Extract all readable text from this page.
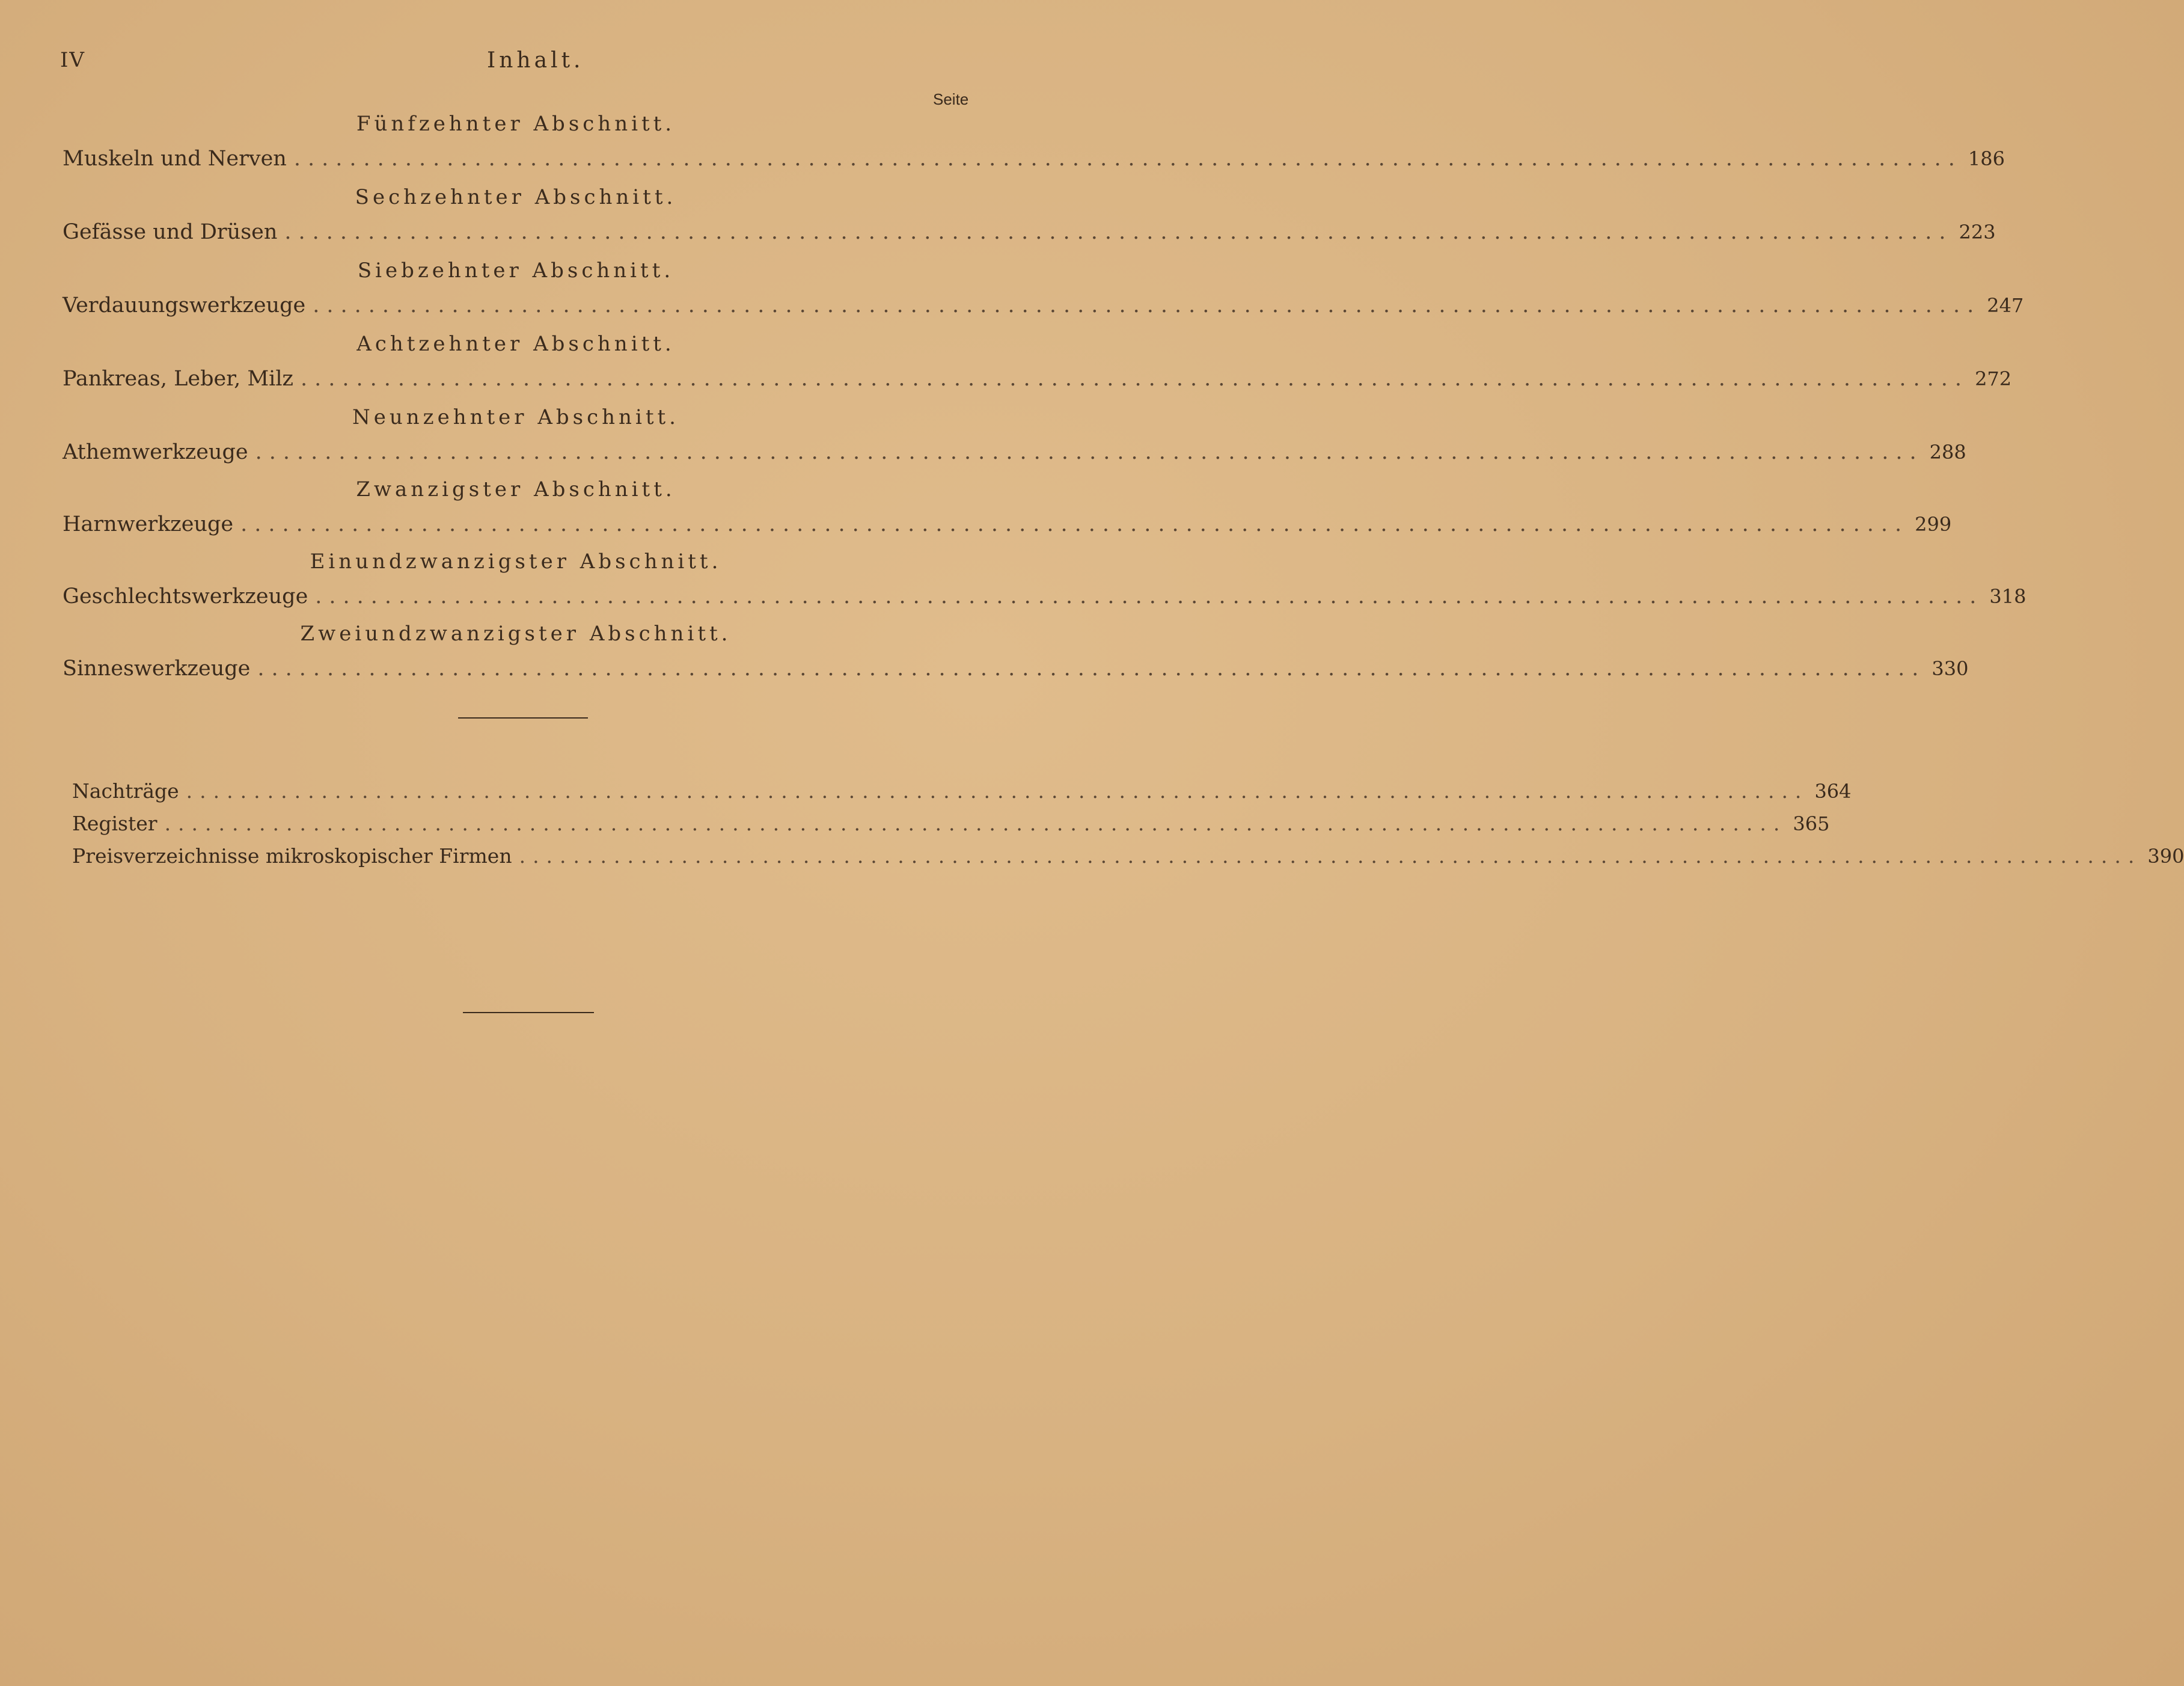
IV	Inhalt.
Seite
Fünfzehnter Abschnitt.
Muskeln und Nerven ........................................................................................................................ 186
Sechzehnter Abschnitt.
Gefässe und Drüsen ........................................................................................................................ 223
Siebzehnter Abschnitt.
Verdauungswerkzeuge ........................................................................................................................ 247
Achtzehnter Abschnitt.
Pankreas, Leber, Milz ........................................................................................................................ 272
Neunzehnter Abschnitt.
Athemwerkzeuge ........................................................................................................................ 288
Zwanzigster Abschnitt.
Harnwerkzeuge ........................................................................................................................ 299
Einundzwanzigster Abschnitt.
Geschlechtswerkzeuge ........................................................................................................................ 318
Zweiundzwanzigster Abschnitt.
Sinneswerkzeuge ........................................................................................................................ 330
Nachträge ........................................................................................................................ 364
Register ........................................................................................................................ 365
Preisverzeichnisse mikroskopischer Firmen ........................................................................................................................ 390
